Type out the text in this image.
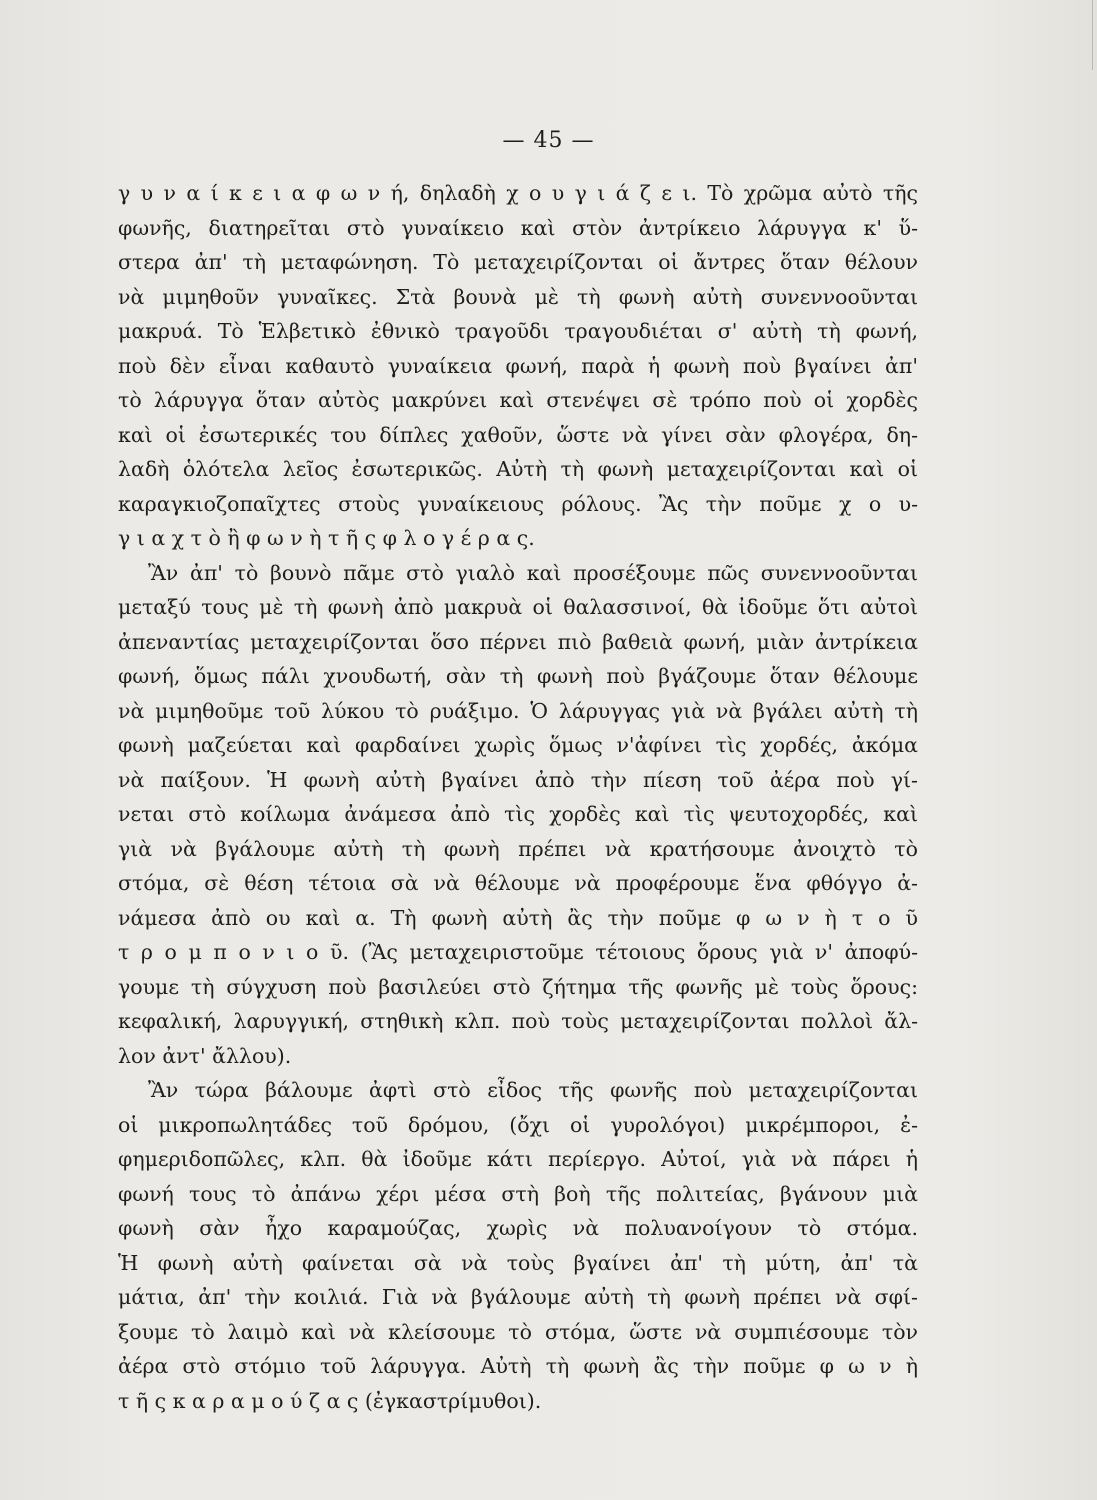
— 45 —
γ υ ν α ί κ ε ι α φ ω ν ή, δηλαδὴ χ ο υ γ ι ά ζ ε ι. Τὸ χρῶμα αὐτὸ τῆς
φωνῆς, διατηρεῖται στὸ γυναίκειο καὶ στὸν ἀντρίκειο λάρυγγα κ' ὕ-
στερα ἀπ' τὴ μεταφώνηση. Τὸ μεταχειρίζονται οἱ ἄντρες ὅταν θέλουν
νὰ μιμηθοῦν γυναῖκες. Στὰ βουνὰ μὲ τὴ φωνὴ αὐτὴ συνεννοοῦνται
μακρυά. Τὸ Ἑλβετικὸ ἐθνικὸ τραγοῦδι τραγουδιέται σ' αὐτὴ τὴ φωνή,
ποὺ δὲν εἶναι καθαυτὸ γυναίκεια φωνή, παρὰ ἡ φωνὴ ποὺ βγαίνει ἀπ'
τὸ λάρυγγα ὅταν αὐτὸς μακρύνει καὶ στενέψει σὲ τρόπο ποὺ οἱ χορδὲς
καὶ οἱ ἐσωτερικές του δίπλες χαθοῦν, ὥστε νὰ γίνει σὰν φλογέρα, δη-
λαδὴ ὁλότελα λεῖος ἐσωτερικῶς. Αὐτὴ τὴ φωνὴ μεταχειρίζονται καὶ οἱ
καραγκιοζοπαῖχτες στοὺς γυναίκειους ρόλους. Ἂς τὴν ποῦμε χ ο υ-
γ ι α χ τ ὸ ἢ φ ω ν ὴ τ ῆ ς φ λ ο γ έ ρ α ς.
Ἂν ἀπ' τὸ βουνὸ πᾶμε στὸ γιαλὸ καὶ προσέξουμε πῶς συνεννοοῦνται
μεταξύ τους μὲ τὴ φωνὴ ἀπὸ μακρυὰ οἱ θαλασσινοί, θὰ ἰδοῦμε ὅτι αὐτοὶ
ἀπεναντίας μεταχειρίζονται ὅσο πέρνει πιὸ βαθειὰ φωνή, μιὰν ἀντρίκεια
φωνή, ὅμως πάλι χνουδωτή, σὰν τὴ φωνὴ ποὺ βγάζουμε ὅταν θέλουμε
νὰ μιμηθοῦμε τοῦ λύκου τὸ ρυάξιμο. Ὁ λάρυγγας γιὰ νὰ βγάλει αὐτὴ τὴ
φωνὴ μαζεύεται καὶ φαρδαίνει χωρὶς ὅμως ν'ἀφίνει τὶς χορδές, ἀκόμα
νὰ παίξουν. Ἡ φωνὴ αὐτὴ βγαίνει ἀπὸ τὴν πίεση τοῦ ἀέρα ποὺ γί-
νεται στὸ κοίλωμα ἀνάμεσα ἀπὸ τὶς χορδὲς καὶ τὶς ψευτοχορδές, καὶ
γιὰ νὰ βγάλουμε αὐτὴ τὴ φωνὴ πρέπει νὰ κρατήσουμε ἀνοιχτὸ τὸ
στόμα, σὲ θέση τέτοια σὰ νὰ θέλουμε νὰ προφέρουμε ἕνα φθόγγο ἀ-
νάμεσα ἀπὸ ου καὶ α. Τὴ φωνὴ αὐτὴ ἂς τὴν ποῦμε φ ω ν ὴ τ ο ῦ
τ ρ ο μ π ο ν ι ο ῦ. (Ἂς μεταχειριστοῦμε τέτοιους ὅρους γιὰ ν' ἀποφύ-
γουμε τὴ σύγχυση ποὺ βασιλεύει στὸ ζήτημα τῆς φωνῆς μὲ τοὺς ὅρους:
κεφαλική, λαρυγγική, στηθικὴ κλπ. ποὺ τοὺς μεταχειρίζονται πολλοὶ ἄλ-
λον ἀντ' ἄλλου).
Ἂν τώρα βάλουμε ἀφτὶ στὸ εἶδος τῆς φωνῆς ποὺ μεταχειρίζονται
οἱ μικροπωλητάδες τοῦ δρόμου, (ὄχι οἱ γυρολόγοι) μικρέμποροι, ἐ-
φημεριδοπῶλες, κλπ. θὰ ἰδοῦμε κάτι περίεργο. Αὐτοί, γιὰ νὰ πάρει ἡ
φωνή τους τὸ ἀπάνω χέρι μέσα στὴ βοὴ τῆς πολιτείας, βγάνουν μιὰ
φωνὴ σὰν ἦχο καραμούζας, χωρὶς νὰ πολυανοίγουν τὸ στόμα.
Ἡ φωνὴ αὐτὴ φαίνεται σὰ νὰ τοὺς βγαίνει ἀπ' τὴ μύτη, ἀπ' τὰ
μάτια, ἀπ' τὴν κοιλιά. Γιὰ νὰ βγάλουμε αὐτὴ τὴ φωνὴ πρέπει νὰ σφί-
ξουμε τὸ λαιμὸ καὶ νὰ κλείσουμε τὸ στόμα, ὥστε νὰ συμπιέσουμε τὸν
ἀέρα στὸ στόμιο τοῦ λάρυγγα. Αὐτὴ τὴ φωνὴ ἂς τὴν ποῦμε φ ω ν ὴ
τ ῆ ς κ α ρ α μ ο ύ ζ α ς (ἐγκαστρίμυθοι).
